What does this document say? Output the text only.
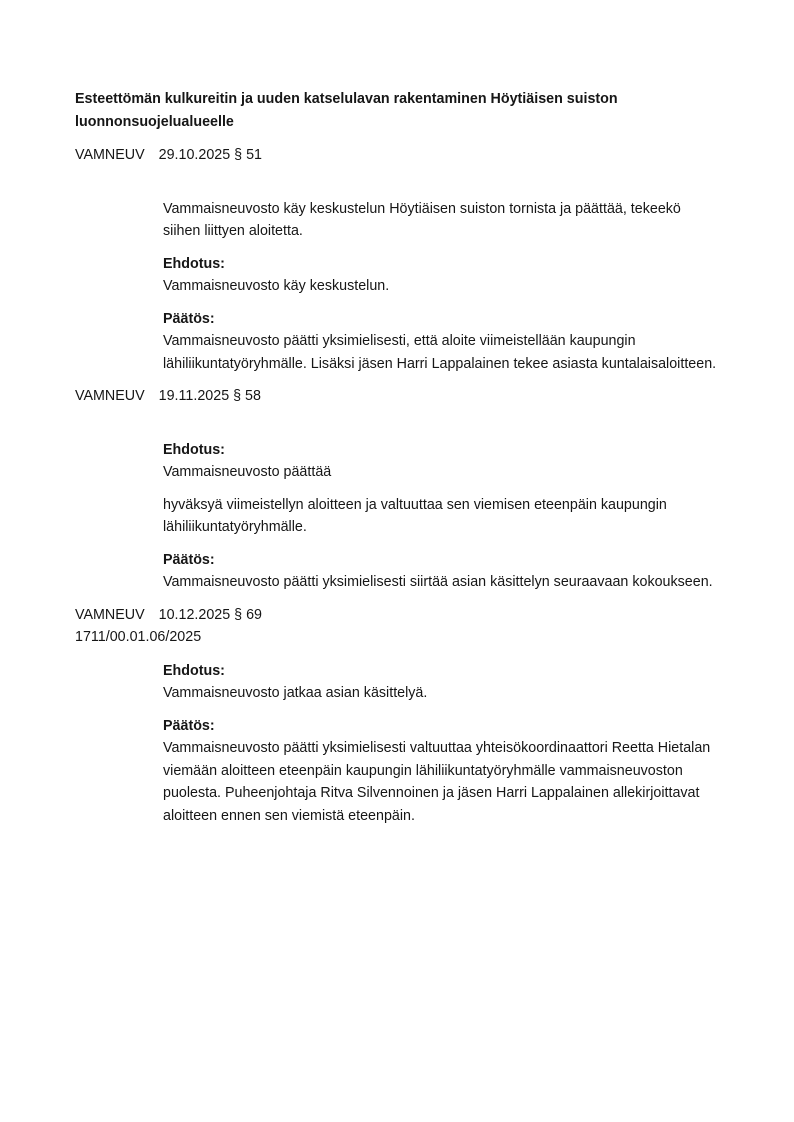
Esteettömän kulkureitin ja uuden katselulavan rakentaminen Höytiäisen suiston luonnonsuojelualueelle

VAMNEUV 29.10.2025 § 51

Vammaisneuvosto käy keskustelun Höytiäisen suiston tornista ja päättää, tekeekö siihen liittyen aloitetta.

Ehdotus:

Vammaisneuvosto käy keskustelun.

Päätös:

Vammaisneuvosto päätti yksimielisesti, että aloite viimeistellään kaupungin lähiliikuntatyöryhmälle. Lisäksi jäsen Harri Lappalainen tekee asiasta kuntalaisaloitteen.

VAMNEUV 19.11.2025 § 58

Ehdotus:

Vammaisneuvosto päättää

hyväksyä viimeistellyn aloitteen ja valtuuttaa sen viemisen eteenpäin kaupungin lähiliikuntatyöryhmälle.

Päätös:

Vammaisneuvosto päätti yksimielisesti siirtää asian käsittelyn seuraavaan kokoukseen.

VAMNEUV 10.12.2025 § 69

1711/00.01.06/2025

Ehdotus:

Vammaisneuvosto jatkaa asian käsittelyä.

Päätös:

Vammaisneuvosto päätti yksimielisesti valtuuttaa yhteisökoordinaattori Reetta Hietalan viemään aloitteen eteenpäin kaupungin lähiliikuntatyöryhmälle vammaisneuvoston puolesta. Puheenjohtaja Ritva Silvennoinen ja jäsen Harri Lappalainen allekirjoittavat aloitteen ennen sen viemistä eteenpäin.
